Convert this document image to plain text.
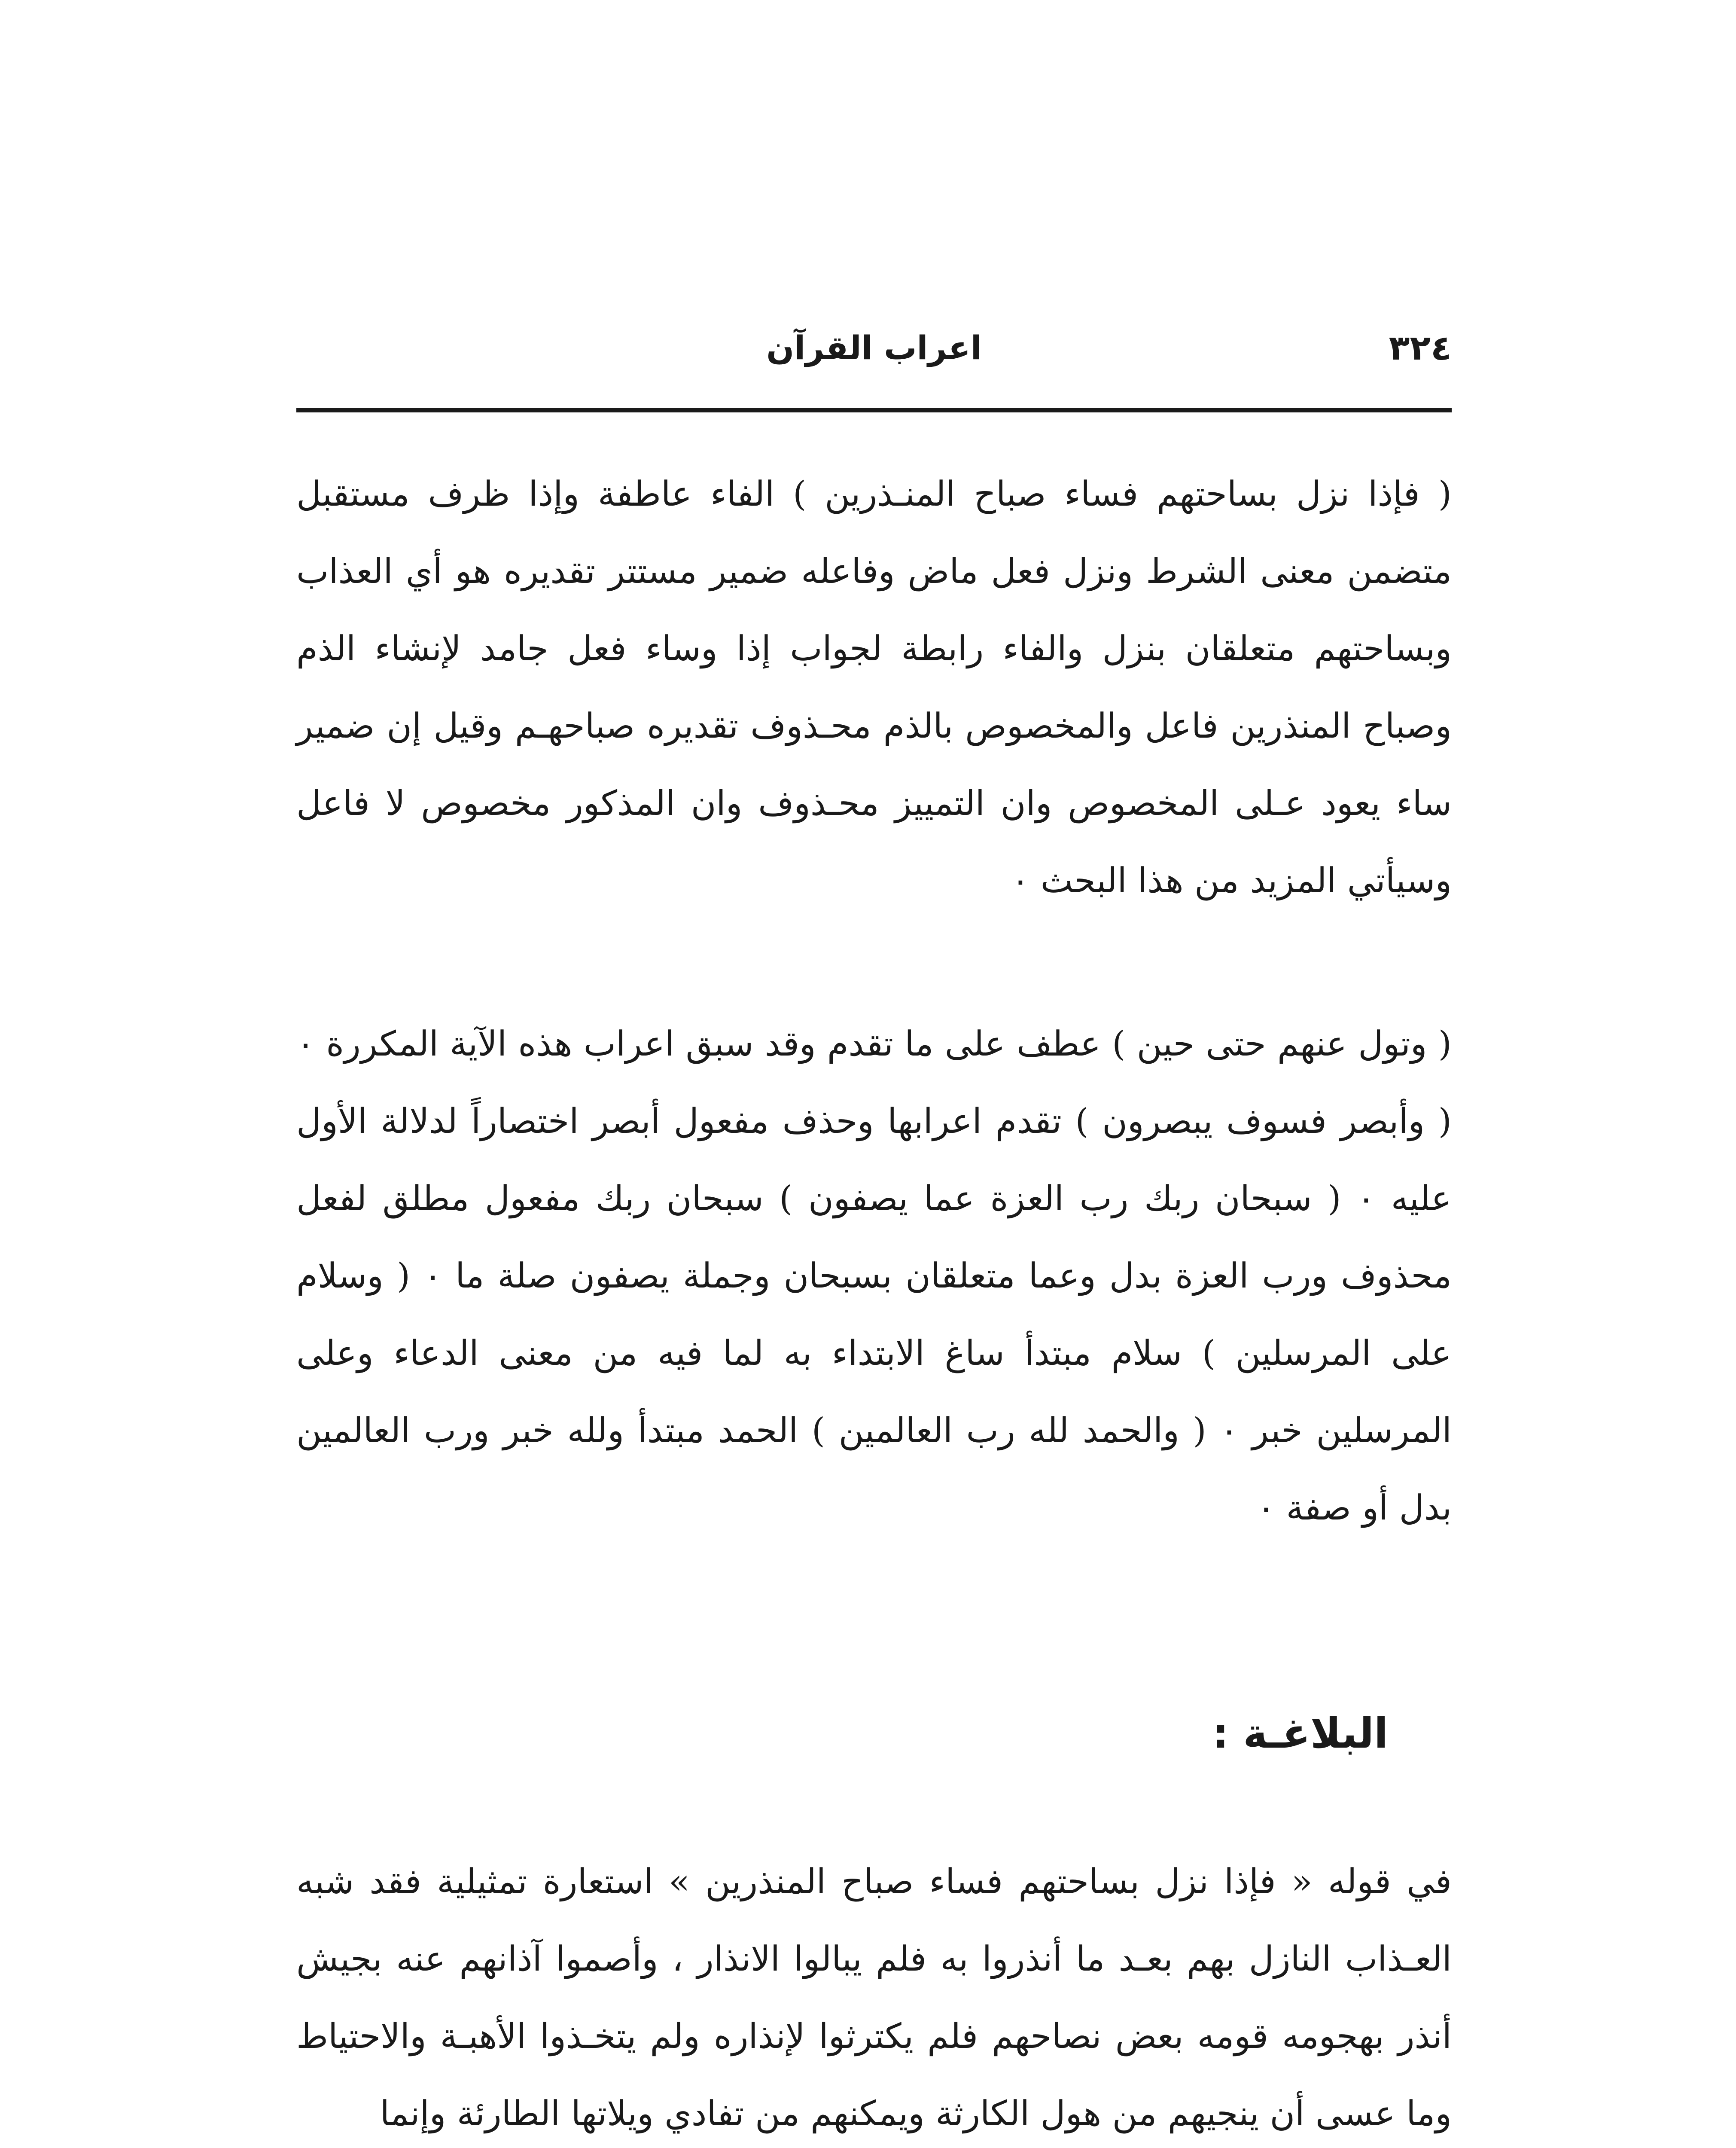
٣٢٤
اعراب القرآن

( فإذا نزل بساحتهم فساء صباح المنـذرين ) الفاء عاطفة وإذا ظرف مستقبل متضمن معنى الشرط ونزل فعل ماض وفاعله ضمير مستتر تقديره هو أي العذاب وبساحتهم متعلقان بنزل والفاء رابطة لجواب إذا وساء فعل جامد لإنشاء الذم وصباح المنذرين فاعل والمخصوص بالذم محـذوف تقديره صباحهـم وقيل إن ضمير ساء يعود عـلى المخصوص وان التمييز محـذوف وان المذكور مخصوص لا فاعل وسيأتي المزيد من هذا البحث ٠

( وتول عنهم حتى حين ) عطف على ما تقدم وقد سبق اعراب هذه الآية المكررة ٠ ( وأبصر فسوف يبصرون ) تقدم اعرابها وحذف مفعول أبصر اختصاراً لدلالة الأول عليه ٠ ( سبحان ربك رب العزة عما يصفون ) سبحان ربك مفعول مطلق لفعل محذوف ورب العزة بدل وعما متعلقان بسبحان وجملة يصفون صلة ما ٠ ( وسلام على المرسلين ) سلام مبتدأ ساغ الابتداء به لما فيه من معنى الدعاء وعلى المرسلين خبر ٠ ( والحمد لله رب العالمين ) الحمد مبتدأ ولله خبر ورب العالمين بدل أو صفة ٠

البلاغـة :

في قوله « فإذا نزل بساحتهم فساء صباح المنذرين » استعارة تمثيلية فقد شبه العـذاب النازل بهم بعـد ما أنذروا به فلم يبالوا الانذار ، وأصموا آذانهم عنه بجيش أنذر بهجومه قومه بعض نصاحهم فلم يكترثوا لإنذاره ولم يتخـذوا الأهبـة والاحتياط وما عسى أن ينجيهم من هول الكارثة ويمكنهم من تفادي ويلاتها الطارئة وإنما
